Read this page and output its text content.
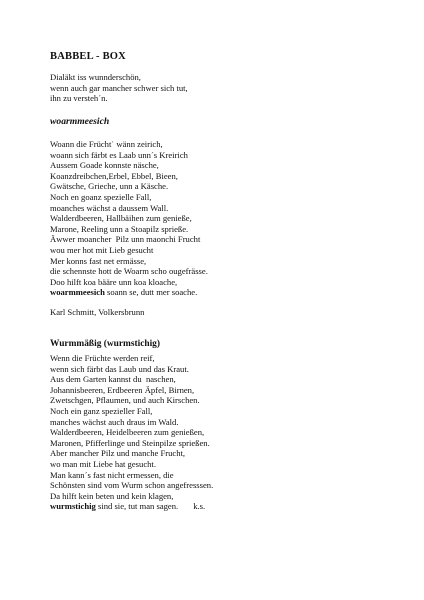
BABBEL - BOX
Dialäkt iss wunnderschön,
wenn auch gar mancher schwer sich tut,
ihn zu versteh´n.
woarmmeesich
Woann die Früchtˈ wänn zeirich,
woann sich färbt es Laab unn´s Kreirich
Aussem Goade konnste näsche,
Koanzdreibchen,Erbel, Ebbel, Bieen,
Gwätsche, Grieche, unn a Käsche.
Noch en goanz spezielle Fall,
moanches wächst a daussem Wall.
Walderdbeeren, Hallbäihen zum genieße,
Marone, Reeling unn a Stoapilz sprieße.
Äwwer moancher  Pilz unn maonchi Frucht
wou mer hot mit Lieb gesucht
Mer konns fast net ermässe,
die schennste hott de Woarm scho ougefrässe.
Doo hilft koa bääre unn koa kloache,
woarmmeesich soann se, dutt mer soache.
Karl Schmitt, Volkersbrunn
Wurmmäßig (wurmstichig)
Wenn die Früchte werden reif,
wenn sich färbt das Laub und das Kraut.
Aus dem Garten kannst du  naschen,
Johannisbeeren, Erdbeeren Äpfel, Birnen,
Zwetschgen, Pflaumen, und auch Kirschen.
Noch ein ganz spezieller Fall,
manches wächst auch draus im Wald.
Walderdbeeren, Heidelbeeren zum genießen,
Maronen, Pfifferlinge und Steinpilze sprießen.
Aber mancher Pilz und manche Frucht,
wo man mit Liebe hat gesucht.
Man kann´s fast nicht ermessen, die
Schönsten sind vom Wurm schon angefresssen.
Da hilft kein beten und kein klagen,
wurmstichig sind sie, tut man sagen.       k.s.
